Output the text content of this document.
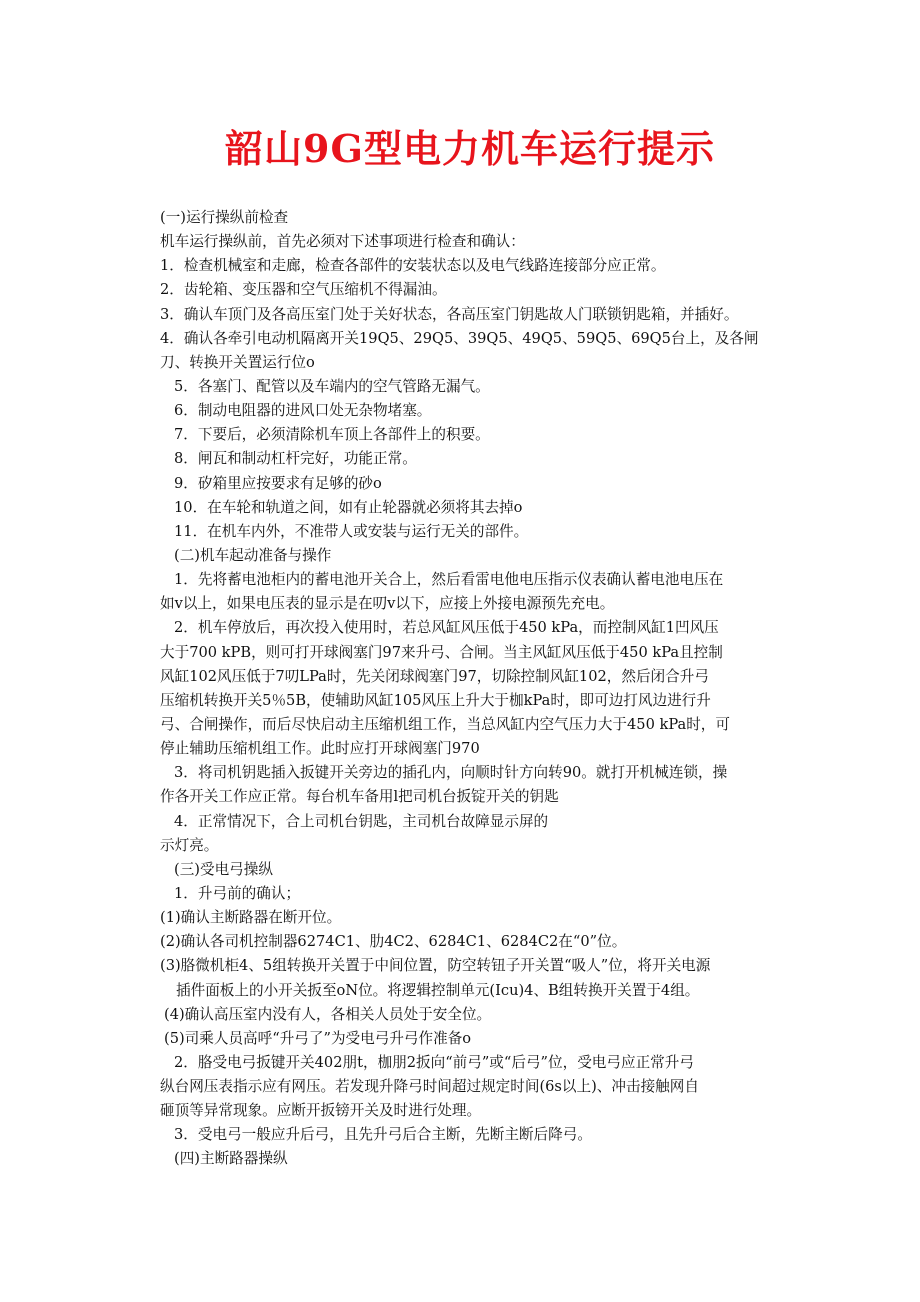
韶山9G型电力机车运行提示
(一)运行操纵前检查
机车运行操纵前，首先必须对下述事项进行检查和确认：
1．检查机械室和走廊，检查各部件的安装状态以及电气线路连接部分应正常。
2．齿轮箱、变压器和空气压缩机不得漏油。
3．确认车顶门及各高压室门处于关好状态，各高压室门钥匙故人门联锁钥匙箱，并插好。
4．确认各牵引电动机隔离开关19Q5、29Q5、39Q5、49Q5、59Q5、69Q5台上，及各闸
刀、转换开关置运行位o
5．各塞门、配管以及车端内的空气管路无漏气。
6．制动电阻器的进风口处无杂物堵塞。
7．下要后，必须清除机车顶上各部件上的积要。
8．闸瓦和制动杠杆完好，功能正常。
9．矽箱里应按要求有足够的砂o
10．在车轮和轨道之间，如有止轮器就必须将其去掉o
11．在机车内外，不准带人或安装与运行无关的部件。
(二)机车起动准备与操作
1．先将蓄电池柜内的蓄电池开关合上，然后看雷电他电压指示仪表确认蓄电池电压在
如v以上，如果电压表的显示是在叨v以下，应接上外接电源预先充电。
2．机车停放后，再次投入使用时，若总风缸风压低于450 kPa，而控制风缸1凹风压
大于700 kPB，则可打开球阀塞门97来升弓、合闸。当主风缸风压低于450 kPa且控制
风缸102风压低于7叨LPa时，先关闭球阀塞门97，切除控制风缸102，然后闭合升弓
压缩机转换开关5％5B，使辅助风缸105风压上升大于枷kPa时，即可边打风边进行升
弓、合闸操作，而后尽快启动主压缩机组工作，当总风缸内空气压力大于450 kPa时，可
停止辅助压缩机组工作。此时应打开球阀塞门970
3．将司机钥匙插入扳键开关旁边的插孔内，向顺时针方向转90。就打开机械连锁，操
作各开关工作应正常。每台机车备用l把司机台扳锭开关的钥匙
4．正常情况下，合上司机台钥匙，主司机台故障显示屏的
示灯亮。
(三)受电弓操纵
1．升弓前的确认；
(1)确认主断路器在断开位。
(2)确认各司机控制器6274C1、肋4C2、6284C1、6284C2在“0”位。
(3)胳微机柜4、5组转换开关置于中间位置，防空转钮子开关置“吸人”位，将开关电源
插件面板上的小开关扳至oN位。将逻辑控制单元(Icu)4、B组转换开关置于4组。
(4)确认高压室内没有人，各相关人员处于安全位。
(5)司乘人员高呼“升弓了”为受电弓升弓作准备o
2．胳受电弓扳键开关402朋t，枷朋2扳向“前弓”或“后弓”位，受电弓应正常升弓
纵台网压表指示应有网压。若发现升降弓时间超过规定时间(6s以上)、冲击接触网自
砸顶等异常现象。应断开扳镑开关及时进行处理。
3．受电弓一般应升后弓，且先升弓后合主断，先断主断后降弓。
(四)主断路器操纵
